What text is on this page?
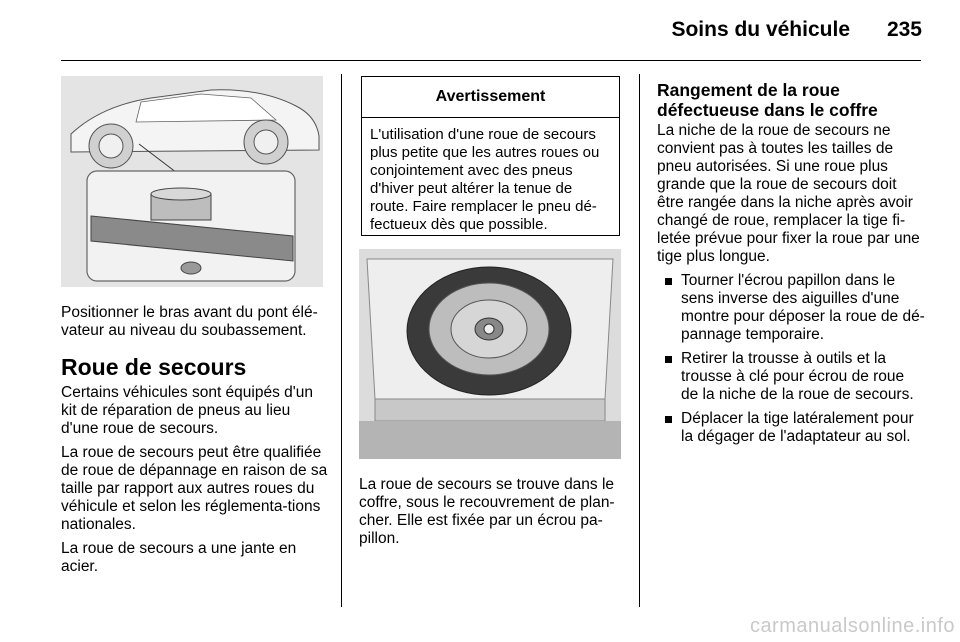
Soins du véhicule	235

Positionner le bras avant du pont élé-vateur au niveau du soubassement.

Roue de secours

Certains véhicules sont équipés d'un kit de réparation de pneus au lieu d'une roue de secours.

La roue de secours peut être qualifiée de roue de dépannage en raison de sa taille par rapport aux autres roues du véhicule et selon les réglementa-tions nationales.

La roue de secours a une jante en acier.

Avertissement
L'utilisation d'une roue de secours plus petite que les autres roues ou conjointement avec des pneus d'hiver peut altérer la tenue de route. Faire remplacer le pneu dé-fectueux dès que possible.

La roue de secours se trouve dans le coffre, sous le recouvrement de plan-cher. Elle est fixée par un écrou pa-pillon.

Rangement de la roue défectueuse dans le coffre

La niche de la roue de secours ne convient pas à toutes les tailles de pneu autorisées. Si une roue plus grande que la roue de secours doit être rangée dans la niche après avoir changé de roue, remplacer la tige fi-letée prévue pour fixer la roue par une tige plus longue.

Tourner l'écrou papillon dans le sens inverse des aiguilles d'une montre pour déposer la roue de dé-pannage temporaire.
Retirer la trousse à outils et la trousse à clé pour écrou de roue de la niche de la roue de secours.
Déplacer la tige latéralement pour la dégager de l'adaptateur au sol.
carmanualsonline.info
